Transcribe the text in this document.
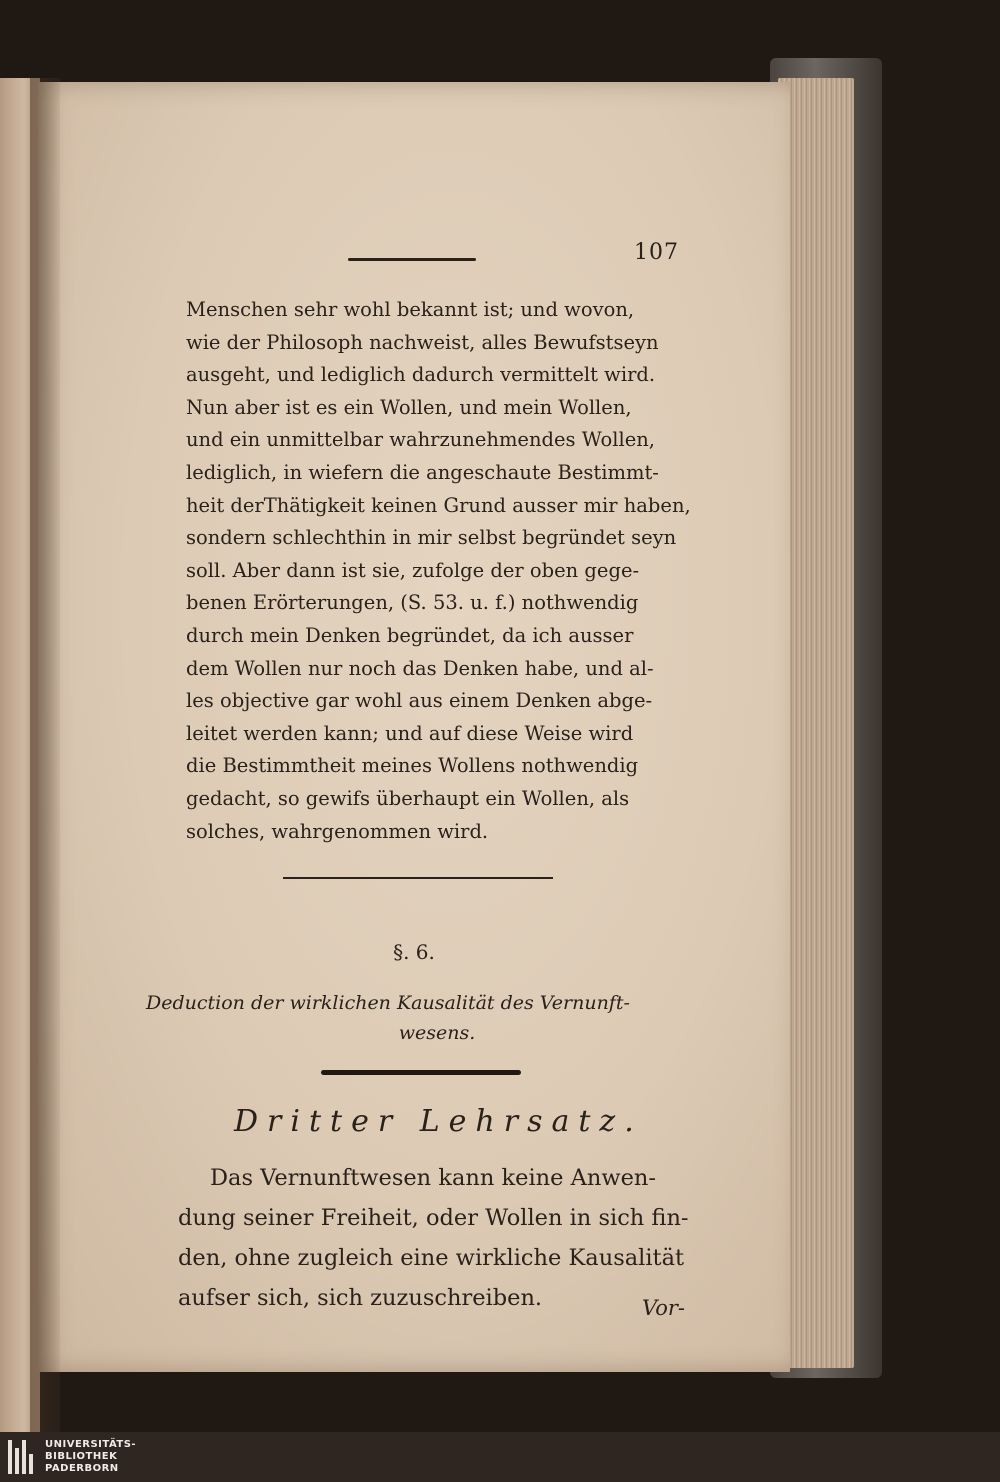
107
Menschen sehr wohl bekannt ist; und wovon,
wie der Philosoph nachweist, alles Bewufstseyn
ausgeht, und lediglich dadurch vermittelt wird.
Nun aber ist es ein Wollen, und mein Wollen,
und ein unmittelbar wahrzunehmendes Wollen,
lediglich, in wiefern die angeschaute Bestimmt-
heit derThätigkeit keinen Grund ausser mir haben,
sondern schlechthin in mir selbst begründet seyn
soll. Aber dann ist sie, zufolge der oben gege-
benen Erörterungen, (S. 53. u. f.) nothwendig
durch mein Denken begründet, da ich ausser
dem Wollen nur noch das Denken habe, und al-
les objective gar wohl aus einem Denken abge-
leitet werden kann; und auf diese Weise wird
die Bestimmtheit meines Wollens nothwendig
gedacht, so gewifs überhaupt ein Wollen, als
solches, wahrgenommen wird.
§. 6.
Deduction der wirklichen Kausalität des Vernunft-
wesens.
Dritter Lehrsatz.
Das Vernunftwesen kann keine Anwen-
dung seiner Freiheit, oder Wollen in sich fin-
den, ohne zugleich eine wirkliche Kausalität
aufser sich, sich zuzuschreiben.	Vor-
UNIVERSITÄTS-
BIBLIOTHEK
PADERBORN
